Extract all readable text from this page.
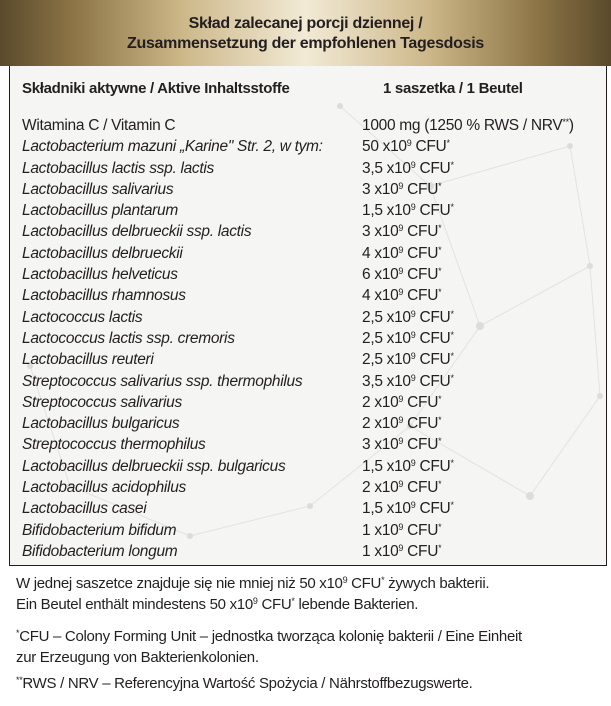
Skład zalecanej porcji dziennej /
Zusammensetzung der empfohlenen Tagesdosis
Składniki aktywne / Aktive Inhaltsstoffe	1 saszetka / 1 Beutel
Witamina C / Vitamin C	1000 mg (1250 % RWS / NRV**)
Lactobacterium mazuni „Karine" Str. 2, w tym:	50 $x10^9$ CFU*
Lactobacillus lactis ssp. lactis	3,5 $x10^9$ CFU*
Lactobacillus salivarius	3 $x10^9$ CFU*
Lactobacillus plantarum	1,5 $x10^9$ CFU*
Lactobacillus delbrueckii ssp. lactis	3 $x10^9$ CFU*
Lactobacillus delbrueckii	4 $x10^9$ CFU*
Lactobacillus helveticus	6 $x10^9$ CFU*
Lactobacillus rhamnosus	4 $x10^9$ CFU*
Lactococcus lactis	2,5 $x10^9$ CFU*
Lactococcus lactis ssp. cremoris	2,5 $x10^9$ CFU*
Lactobacillus reuteri	2,5 $x10^9$ CFU*
Streptococcus salivarius ssp. thermophilus	3,5 $x10^9$ CFU*
Streptococcus salivarius	2 $x10^9$ CFU*
Lactobacillus bulgaricus	2 $x10^9$ CFU*
Streptococcus thermophilus	3 $x10^9$ CFU*
Lactobacillus delbrueckii ssp. bulgaricus	1,5 $x10^9$ CFU*
Lactobacillus acidophilus	2 $x10^9$ CFU*
Lactobacillus casei	1,5 $x10^9$ CFU*
Bifidobacterium bifidum	1 $x10^9$ CFU*
Bifidobacterium longum	1 $x10^9$ CFU*

W jednej saszetce znajduje się nie mniej niż 50 $x10^9$ CFU* żywych bakterii.

Ein Beutel enthält mindestens 50 $x10^9$ CFU* lebende Bakterien.

*CFU – Colony Forming Unit – jednostka tworząca kolonię bakterii / Eine Einheit

zur Erzeugung von Bakterienkolonien.

**RWS / NRV – Referencyjna Wartość Spożycia / Nährstoffbezugswerte.
